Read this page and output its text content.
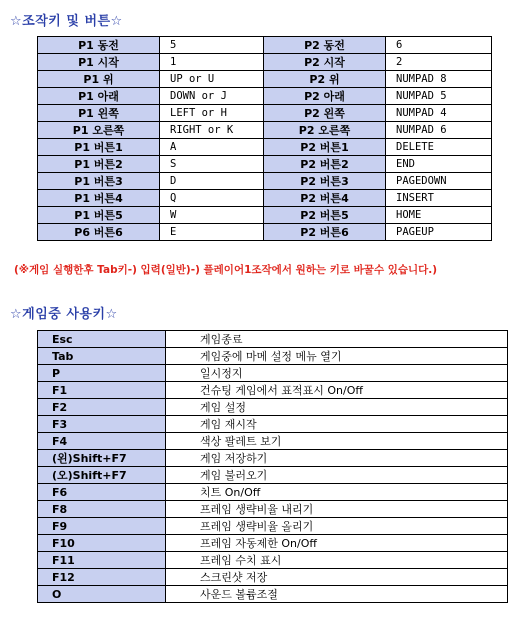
☆조작키 및 버튼☆
P1 동전	5	P2 동전	6
P1 시작	1	P2 시작	2
P1 위	UP or U	P2 위	NUMPAD 8
P1 아래	DOWN or J	P2 아래	NUMPAD 5
P1 왼쪽	LEFT or H	P2 왼쪽	NUMPAD 4
P1 오른쪽	RIGHT or K	P2 오른쪽	NUMPAD 6
P1 버튼1	A	P2 버튼1	DELETE
P1 버튼2	S	P2 버튼2	END
P1 버튼3	D	P2 버튼3	PAGEDOWN
P1 버튼4	Q	P2 버튼4	INSERT
P1 버튼5	W	P2 버튼5	HOME
P6 버튼6	E	P2 버튼6	PAGEUP
(※게임 실행한후 Tab키-) 입력(일반)-) 플레이어1조작에서 원하는 키로 바꿀수 있습니다.)
☆게임중 사용키☆
Esc	게임종료
Tab	게임중에 마메 설정 메뉴 열기
P	일시정지
F1	건슈팅 게임에서 표적표시 On/Off
F2	게임 설정
F3	게임 재시작
F4	색상 팔레트 보기
(왼)Shift+F7	게임 저장하기
(오)Shift+F7	게임 불러오기
F6	치트 On/Off
F8	프레임 생략비율 내리기
F9	프레임 생략비율 올리기
F10	프레임 자동제한 On/Off
F11	프레임 수치 표시
F12	스크린샷 저장
O	사운드 볼륨조절
